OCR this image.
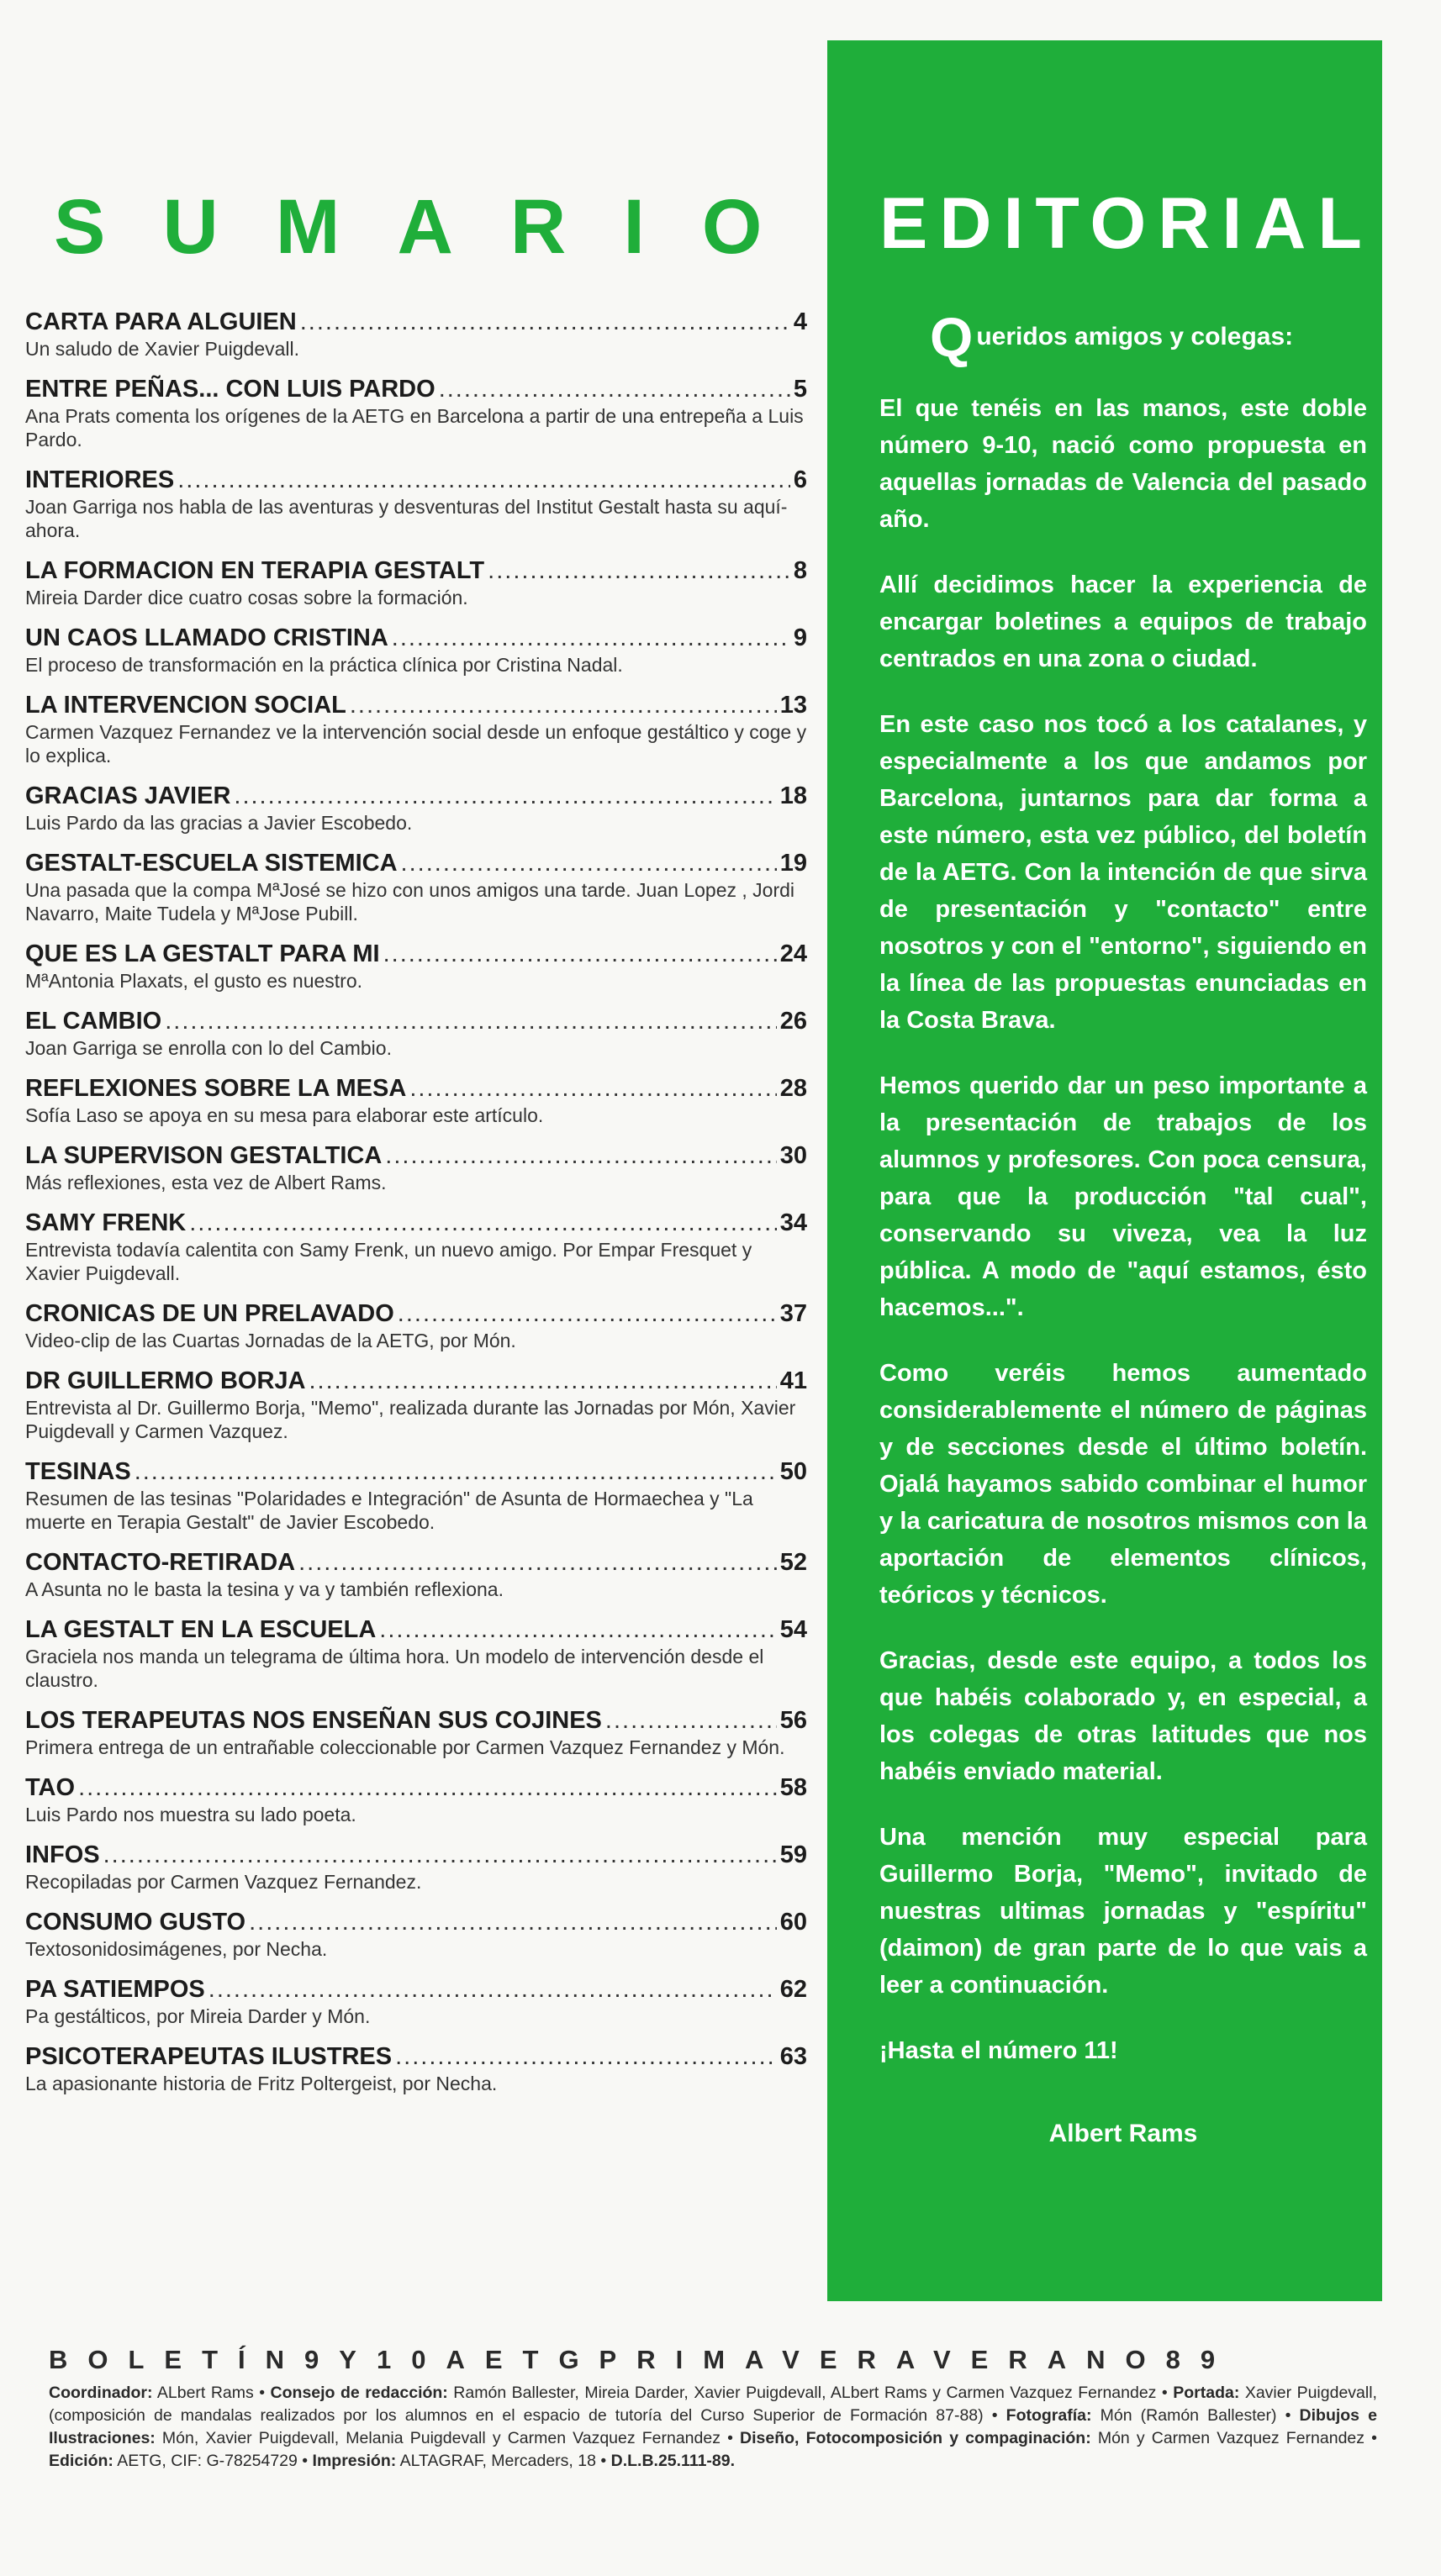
SUMARIO
CARTA PARA ALGUIEN .....	4
Un saludo de Xavier Puigdevall.
ENTRE PEÑAS... CON LUIS PARDO .....	5
Ana Prats comenta los orígenes de la AETG en Barcelona a partir de una entrepeña a Luis Pardo.
INTERIORES .....	6
Joan Garriga nos habla de las aventuras y desventuras del Institut Gestalt hasta su aquí-ahora.
LA FORMACION EN TERAPIA GESTALT .....	8
Mireia Darder dice cuatro cosas sobre la formación.
UN CAOS LLAMADO CRISTINA .....	9
El proceso de transformación en la práctica clínica por Cristina Nadal.
LA INTERVENCION SOCIAL .....	13
Carmen Vazquez Fernandez ve la intervención social desde un enfoque gestáltico y coge y lo explica.
GRACIAS JAVIER .....	18
Luis Pardo da las gracias a Javier Escobedo.
GESTALT-ESCUELA SISTEMICA .....	19
Una pasada que la compa MªJosé se hizo con unos amigos una tarde. Juan Lopez , Jordi Navarro, Maite Tudela y MªJose Pubill.
QUE ES LA GESTALT PARA MI .....	24
MªAntonia Plaxats, el gusto es nuestro.
EL CAMBIO .....	26
Joan Garriga se enrolla con lo del Cambio.
REFLEXIONES SOBRE LA MESA .....	28
Sofía Laso se apoya en su mesa para elaborar este artículo.
LA SUPERVISON GESTALTICA .....	30
Más reflexiones, esta vez de Albert Rams.
SAMY FRENK .....	34
Entrevista todavía calentita con Samy Frenk, un nuevo amigo. Por Empar Fresquet y Xavier Puigdevall.
CRONICAS DE UN PRELAVADO .....	37
Video-clip de las Cuartas Jornadas de la AETG, por Món.
DR GUILLERMO BORJA .....	41
Entrevista al Dr. Guillermo Borja, "Memo", realizada durante las Jornadas por Món, Xavier Puigdevall y Carmen Vazquez.
TESINAS .....	50
Resumen de las tesinas "Polaridades e Integración" de Asunta de Hormaechea y "La muerte en Terapia Gestalt" de Javier Escobedo.
CONTACTO-RETIRADA .....	52
A Asunta no le basta la tesina y va y también reflexiona.
LA GESTALT EN LA ESCUELA .....	54
Graciela nos manda un telegrama de última hora. Un modelo de intervención desde el claustro.
LOS TERAPEUTAS NOS ENSEÑAN SUS COJINES .....	56
Primera entrega de un entrañable coleccionable por Carmen Vazquez Fernandez y Món.
TAO .....	58
Luis Pardo nos muestra su lado poeta.
INFOS .....	59
Recopiladas por Carmen Vazquez Fernandez.
CONSUMO GUSTO .....	60
Textosonidosimágenes, por Necha.
PA SATIEMPOS .....	62
Pa gestálticos, por Mireia Darder y Món.
PSICOTERAPEUTAS ILUSTRES .....	63
La apasionante historia de Fritz Poltergeist, por Necha.
EDITORIAL
Q ueridos amigos y colegas:

El que tenéis en las manos, este doble número 9-10, nació como propuesta en aquellas jornadas de Valencia del pasado año.

Allí decidimos hacer la experiencia de encargar boletines a equipos de trabajo centrados en una zona o ciudad.

En este caso nos tocó a los catalanes, y especialmente a los que andamos por Barcelona, juntarnos para dar forma a este número, esta vez público, del boletín de la AETG. Con la intención de que sirva de presentación y "contacto" entre nosotros y con el "entorno", siguiendo en la línea de las propuestas enunciadas en la Costa Brava.

Hemos querido dar un peso importante a la presentación de trabajos de los alumnos y profesores. Con poca censura, para que la producción "tal cual", conservando su viveza, vea la luz pública. A modo de "aquí estamos, ésto hacemos...".

Como veréis hemos aumentado considerablemente el número de páginas y de secciones desde el último boletín. Ojalá hayamos sabido combinar el humor y la caricatura de nosotros mismos con la aportación de elementos clínicos, teóricos y técnicos.

Gracias, desde este equipo, a todos los que habéis colaborado y, en especial, a los colegas de otras latitudes que nos habéis enviado material.

Una mención muy especial para Guillermo Borja, "Memo", invitado de nuestras ultimas jornadas y "espíritu" (daimon) de gran parte de lo que vais a leer a continuación.

¡Hasta el número 11!

Albert Rams
BOLETÍN9Y10AETGPRIMAVERAVERANO89
Coordinador: ALbert Rams • Consejo de redacción: Ramón Ballester, Mireia Darder, Xavier Puigdevall, ALbert Rams y Carmen Vazquez Fernandez • Portada: Xavier Puigdevall, (composición de mandalas realizados por los alumnos en el espacio de tutoría del Curso Superior de Formación 87-88) • Fotografía: Món (Ramón Ballester) • Dibujos e Ilustraciones: Món, Xavier Puigdevall, Melania Puigdevall y Carmen Vazquez Fernandez • Diseño, Fotocomposición y compaginación: Món y Carmen Vazquez Fernandez • Edición: AETG, CIF: G-78254729 • Impresión: ALTAGRAF, Mercaders, 18 • D.L.B.25.111-89.
